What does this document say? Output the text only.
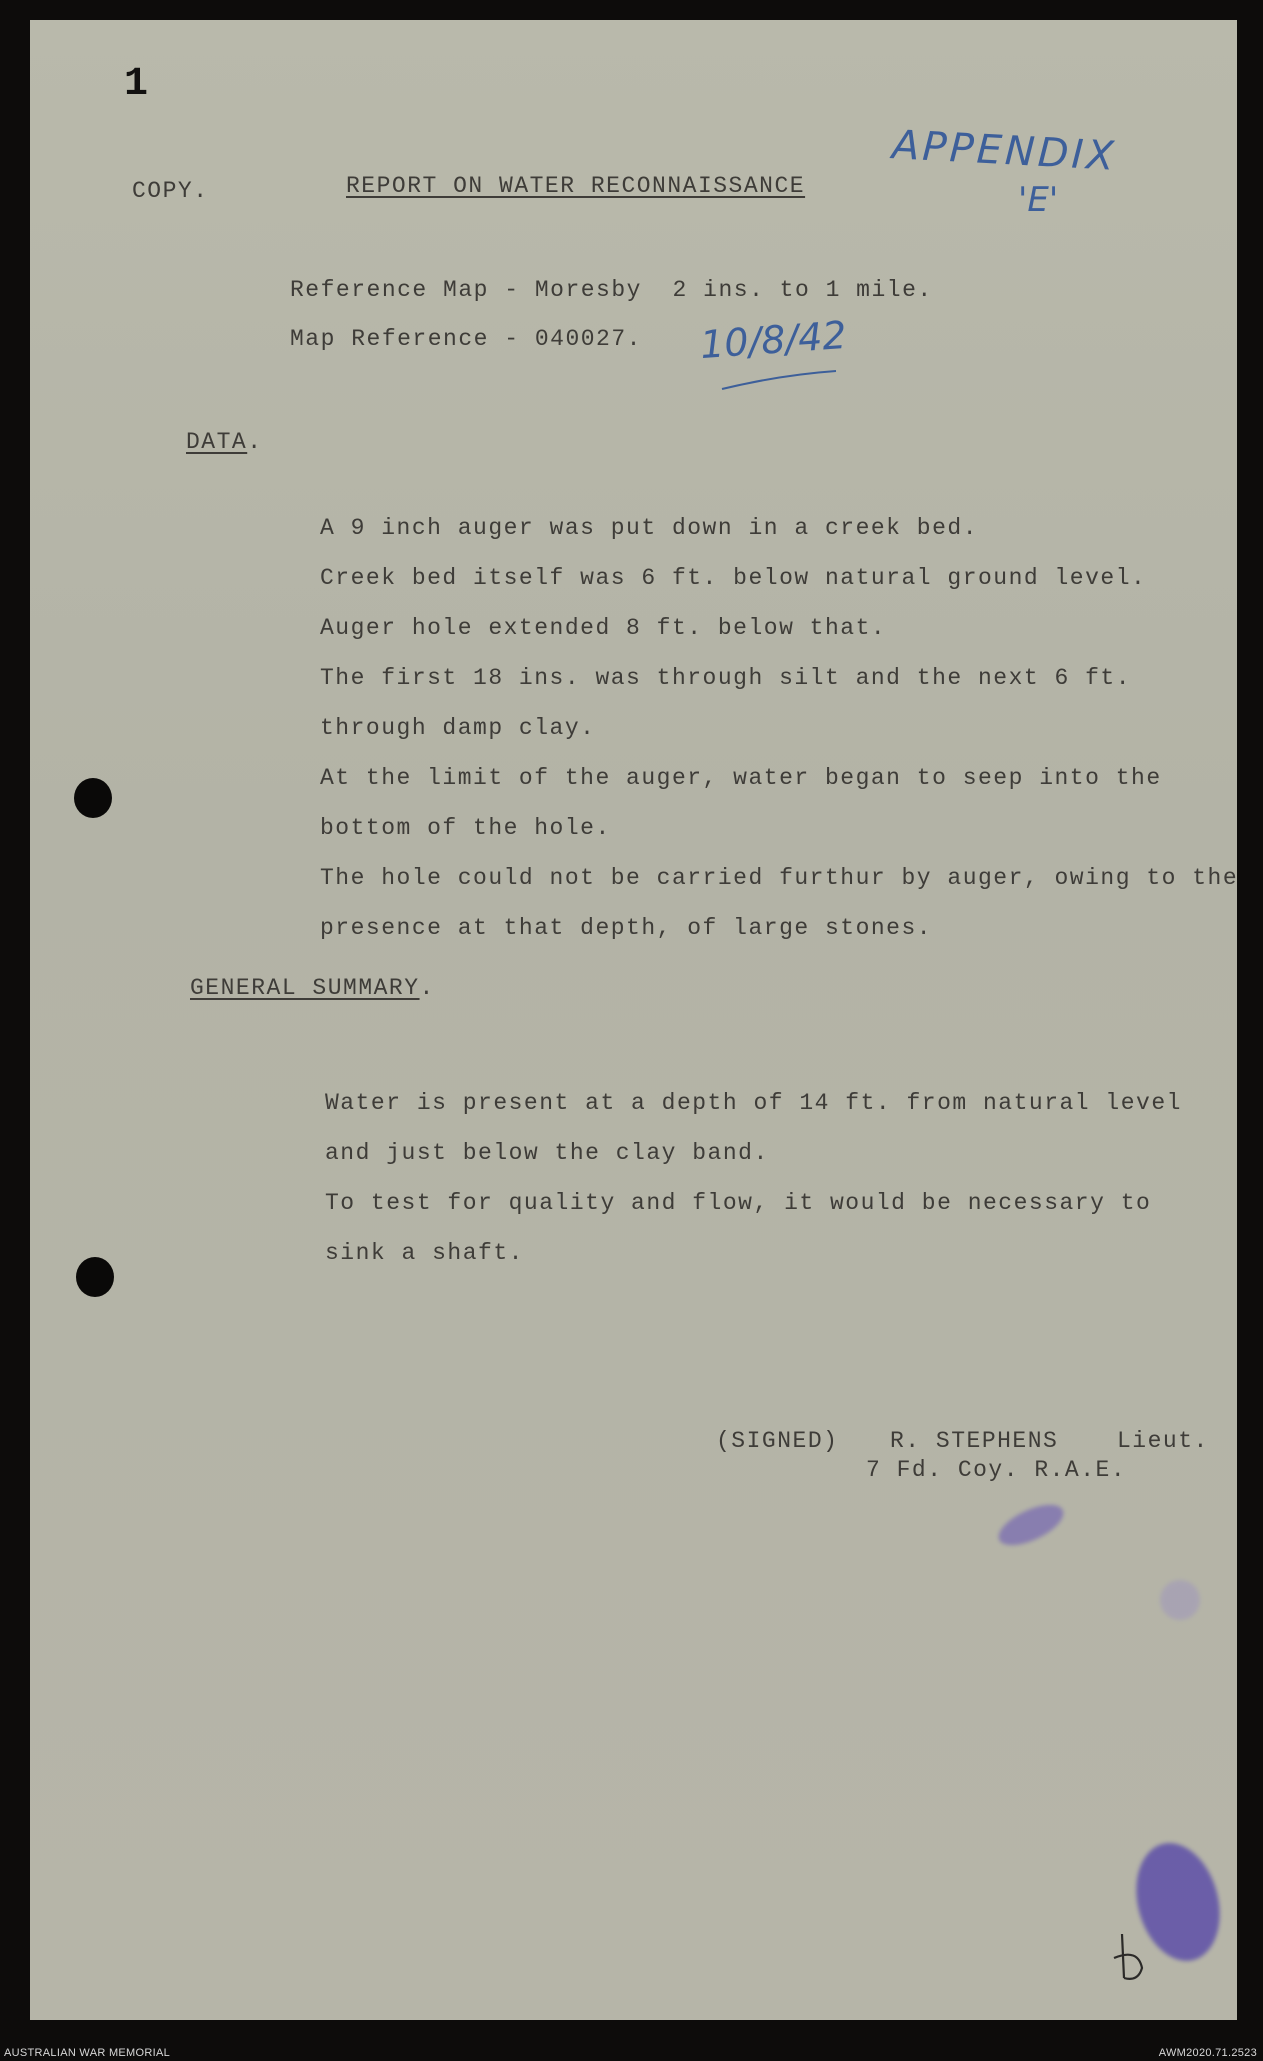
1
APPENDIX
'E'
COPY.	REPORT ON WATER RECONNAISSANCE
Reference Map - Moresby  2 ins. to 1 mile.
Map Reference - 040027. 10/8/42
DATA.
A 9 inch auger was put down in a creek bed.
Creek bed itself was 6 ft. below natural ground level.
Auger hole extended 8 ft. below that.
The first 18 ins. was through silt and the next 6 ft.
through damp clay.
At the limit of the auger, water began to seep into the
bottom of the hole.
The hole could not be carried furthur by auger, owing to the
presence at that depth, of large stones.
GENERAL SUMMARY.
Water is present at a depth of 14 ft. from natural level
and just below the clay band.
To test for quality and flow, it would be necessary to
sink a shaft.
(SIGNED) R. STEPHENS	Lieut.
7 Fd. Coy. R.A.E.
AUSTRALIAN WAR MEMORIAL	AWM2020.71.2523
